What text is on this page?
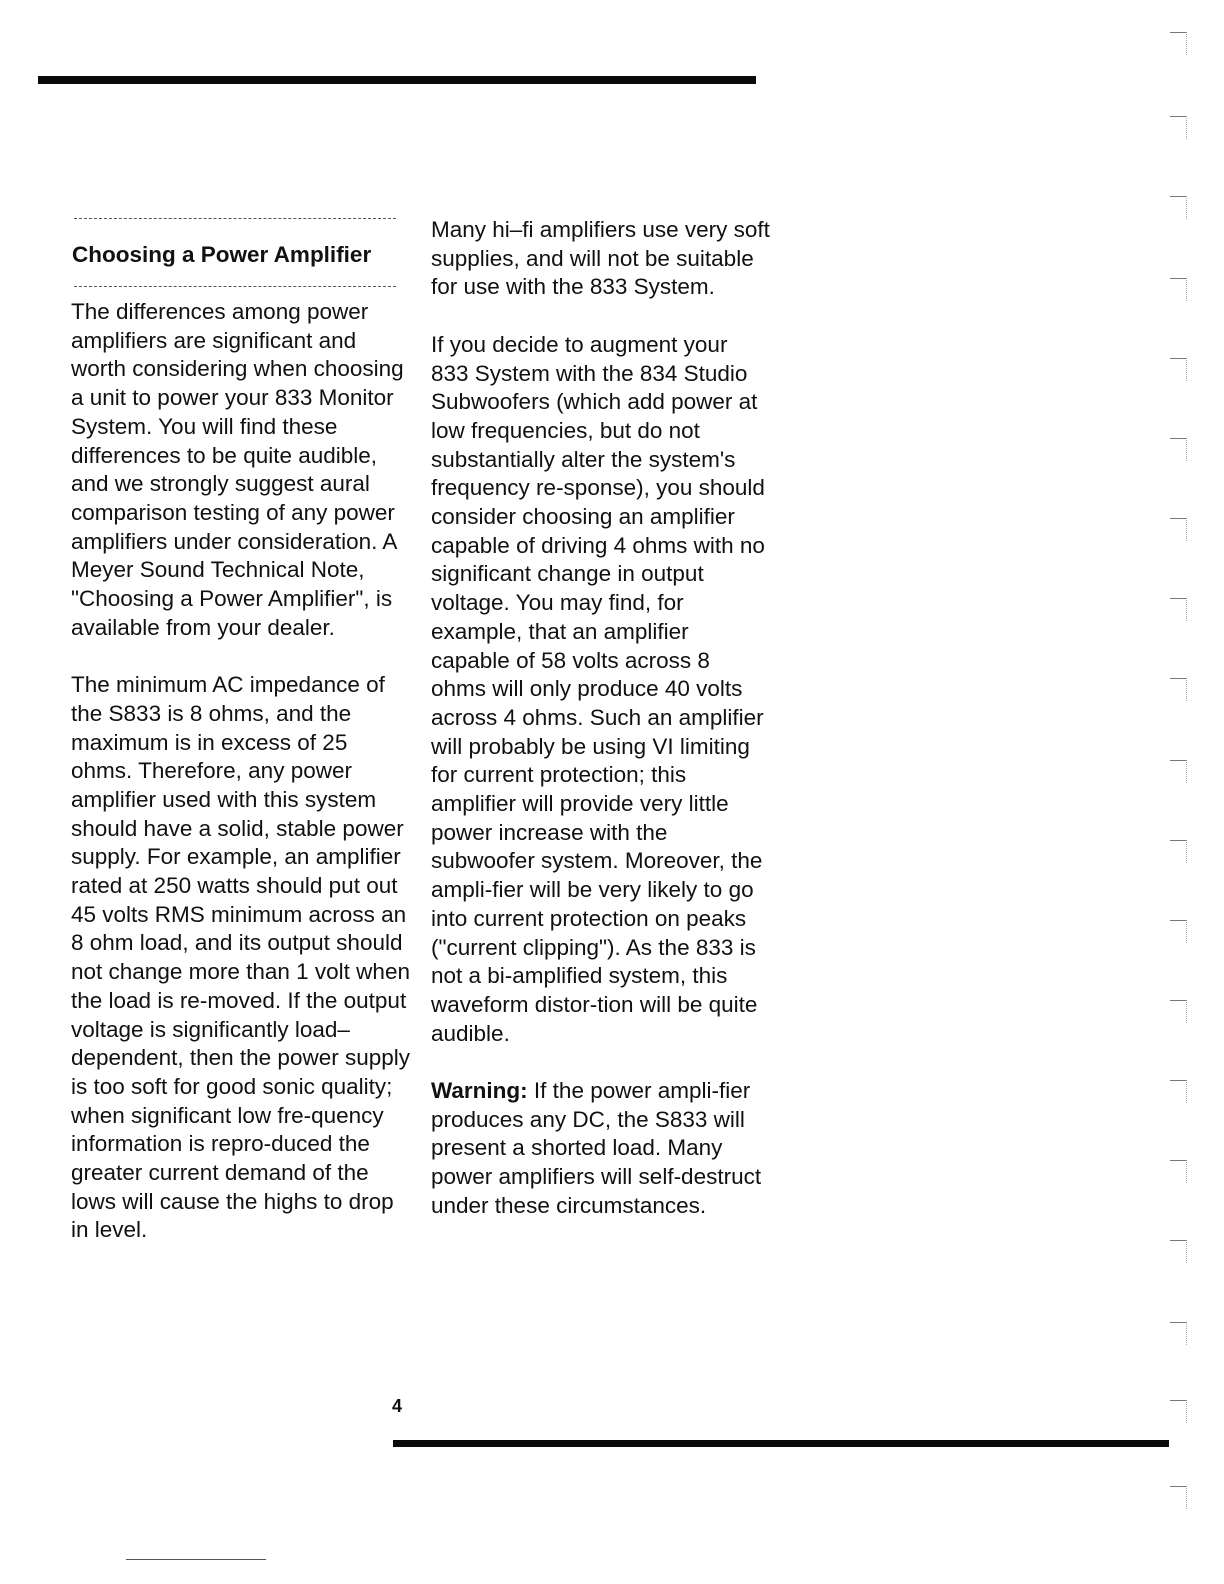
Choosing a Power Amplifier

The differences among power amplifiers are significant and worth considering when choosing a unit to power your 833 Monitor System. You will find these differences to be quite audible, and we strongly suggest aural comparison testing of any power amplifiers under consideration. A Meyer Sound Technical Note, "Choosing a Power Amplifier", is available from your dealer.

The minimum AC impedance of the S833 is 8 ohms, and the maximum is in excess of 25 ohms. Therefore, any power amplifier used with this system should have a solid, stable power supply. For example, an amplifier rated at 250 watts should put out 45 volts RMS minimum across an 8 ohm load, and its output should not change more than 1 volt when the load is re-moved. If the output voltage is significantly load–dependent, then the power supply is too soft for good sonic quality; when significant low fre-quency information is repro-duced the greater current demand of the lows will cause the highs to drop in level.

Many hi–fi amplifiers use very soft supplies, and will not be suitable for use with the 833 System.

If you decide to augment your 833 System with the 834 Studio Subwoofers (which add power at low frequencies, but do not substantially alter the system's frequency re-sponse), you should consider choosing an amplifier capable of driving 4 ohms with no significant change in output voltage. You may find, for example, that an amplifier capable of 58 volts across 8 ohms will only produce 40 volts across 4 ohms. Such an amplifier will probably be using VI limiting for current protection; this amplifier will provide very little power increase with the subwoofer system. Moreover, the ampli-fier will be very likely to go into current protection on peaks ("current clipping"). As the 833 is not a bi-amplified system, this waveform distor-tion will be quite audible.

Warning: If the power ampli-fier produces any DC, the S833 will present a shorted load. Many power amplifiers will self-destruct under these circumstances.

4
